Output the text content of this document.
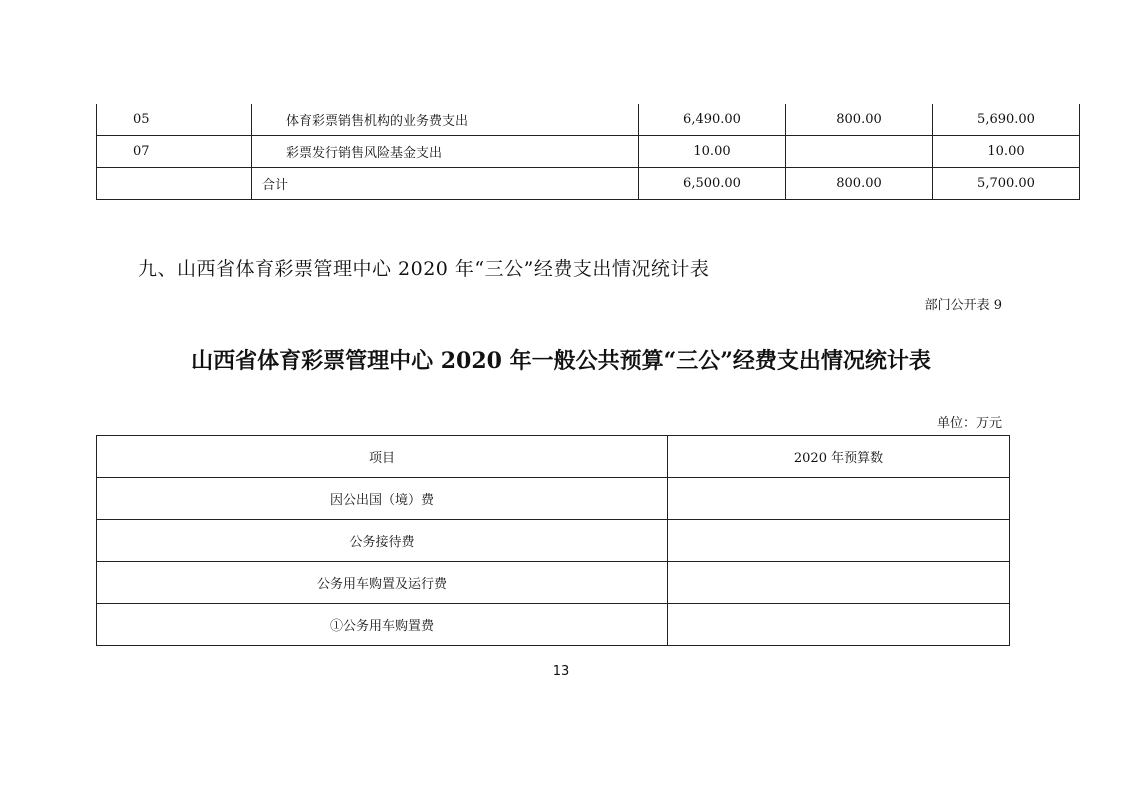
05	体育彩票销售机构的业务费支出	6,490.00	800.00	5,690.00
07	彩票发行销售风险基金支出	10.00		10.00
	合计	6,500.00	800.00	5,700.00
九、山西省体育彩票管理中心 2020 年“三公”经费支出情况统计表
部门公开表 9
山西省体育彩票管理中心 2020 年一般公共预算“三公”经费支出情况统计表
单位：万元
项目	2020 年预算数
因公出国（境）费	
公务接待费	
公务用车购置及运行费	
①公务用车购置费	
13
